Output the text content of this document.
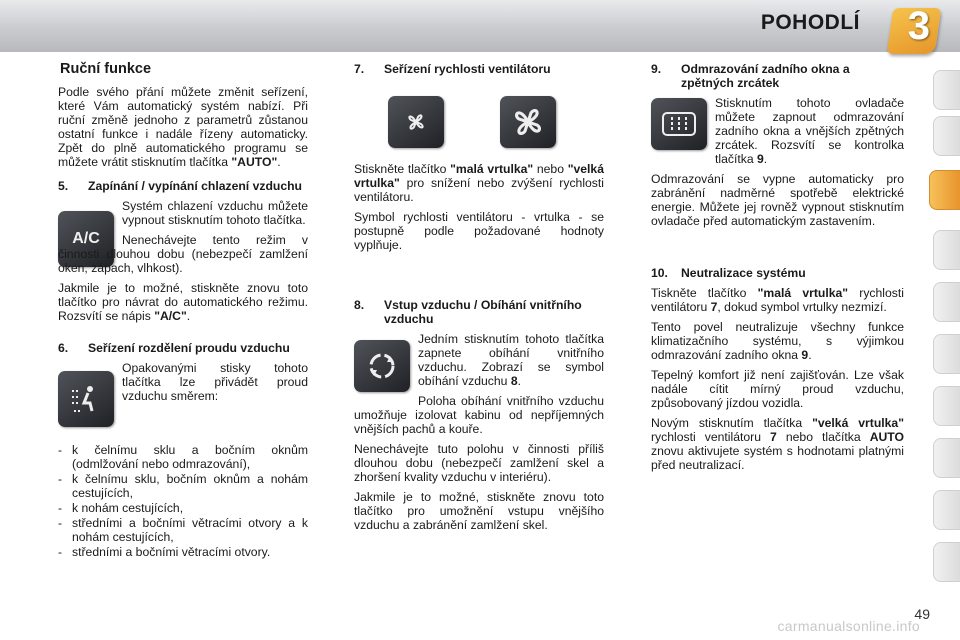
POHODLÍ 3
Ruční funkce

Podle svého přání můžete změnit seřízení, které Vám automatický systém nabízí. Při ruční změně jednoho z parametrů zůstanou ostatní funkce i nadále řízeny automaticky. Zpět do plně automatického programu se můžete vrátit stisknutím tlačítka "AUTO".

5.	Zapínání / vypínání chlazení vzduchu
A/C

Systém chlazení vzduchu můžete vypnout stisknutím tohoto tlačítka.

Nenechávejte tento režim v činnosti dlouhou dobu (nebezpečí zamlžení oken, zápach, vlhkost).

Jakmile je to možné, stiskněte znovu toto tlačítko pro návrat do automatického režimu. Rozsvítí se nápis "A/C".

6.	Seřízení rozdělení proudu vzduchu

Opakovanými stisky tohoto tlačítka lze přivádět proud vzduchu směrem:

- k čelnímu sklu a bočním oknům (odmlžování nebo odmrazování),
- k čelnímu sklu, bočním oknům a nohám cestujících,
- k nohám cestujících,
- středními a bočními větracími otvory a k nohám cestujících,
- středními a bočními větracími otvory.
7.	Seřízení rychlosti ventilátoru

Stiskněte tlačítko "malá vrtulka" nebo "velká vrtulka" pro snížení nebo zvýšení rychlosti ventilátoru.

Symbol rychlosti ventilátoru - vrtulka - se postupně podle požadované hodnoty vyplňuje.

8.	Vstup vzduchu / Obíhání vnitřního vzduchu

Jedním stisknutím tohoto tlačítka zapnete obíhání vnitřního vzduchu. Zobrazí se symbol obíhání vzduchu 8.

Poloha obíhání vnitřního vzduchu umožňuje izolovat kabinu od nepříjemných vnějších pachů a kouře.

Nenechávejte tuto polohu v činnosti příliš dlouhou dobu (nebezpečí zamlžení skel a zhoršení kvality vzduchu v interiéru).

Jakmile je to možné, stiskněte znovu toto tlačítko pro umožnění vstupu vnějšího vzduchu a zabránění zamlžení skel.

9.	Odmrazování zadního okna a zpětných zrcátek

Stisknutím tohoto ovladače můžete zapnout odmrazování zadního okna a vnějších zpětných zrcátek. Rozsvítí se kontrolka tlačítka 9.

Odmrazování se vypne automaticky pro zabránění nadměrné spotřebě elektrické energie. Můžete jej rovněž vypnout stisknutím ovladače před automatickým zastavením.

10.	Neutralizace systému

Tiskněte tlačítko "malá vrtulka" rychlosti ventilátoru 7, dokud symbol vrtulky nezmizí.

Tento povel neutralizuje všechny funkce klimatizačního systému, s výjimkou odmrazování zadního okna 9.

Tepelný komfort již není zajišťován. Lze však nadále cítit mírný proud vzduchu, způsobovaný jízdou vozidla.

Novým stisknutím tlačítka "velká vrtulka" rychlosti ventilátoru 7 nebo tlačítka AUTO znovu aktivujete systém s hodnotami platnými před neutralizací.

49
carmanualsonline.info
